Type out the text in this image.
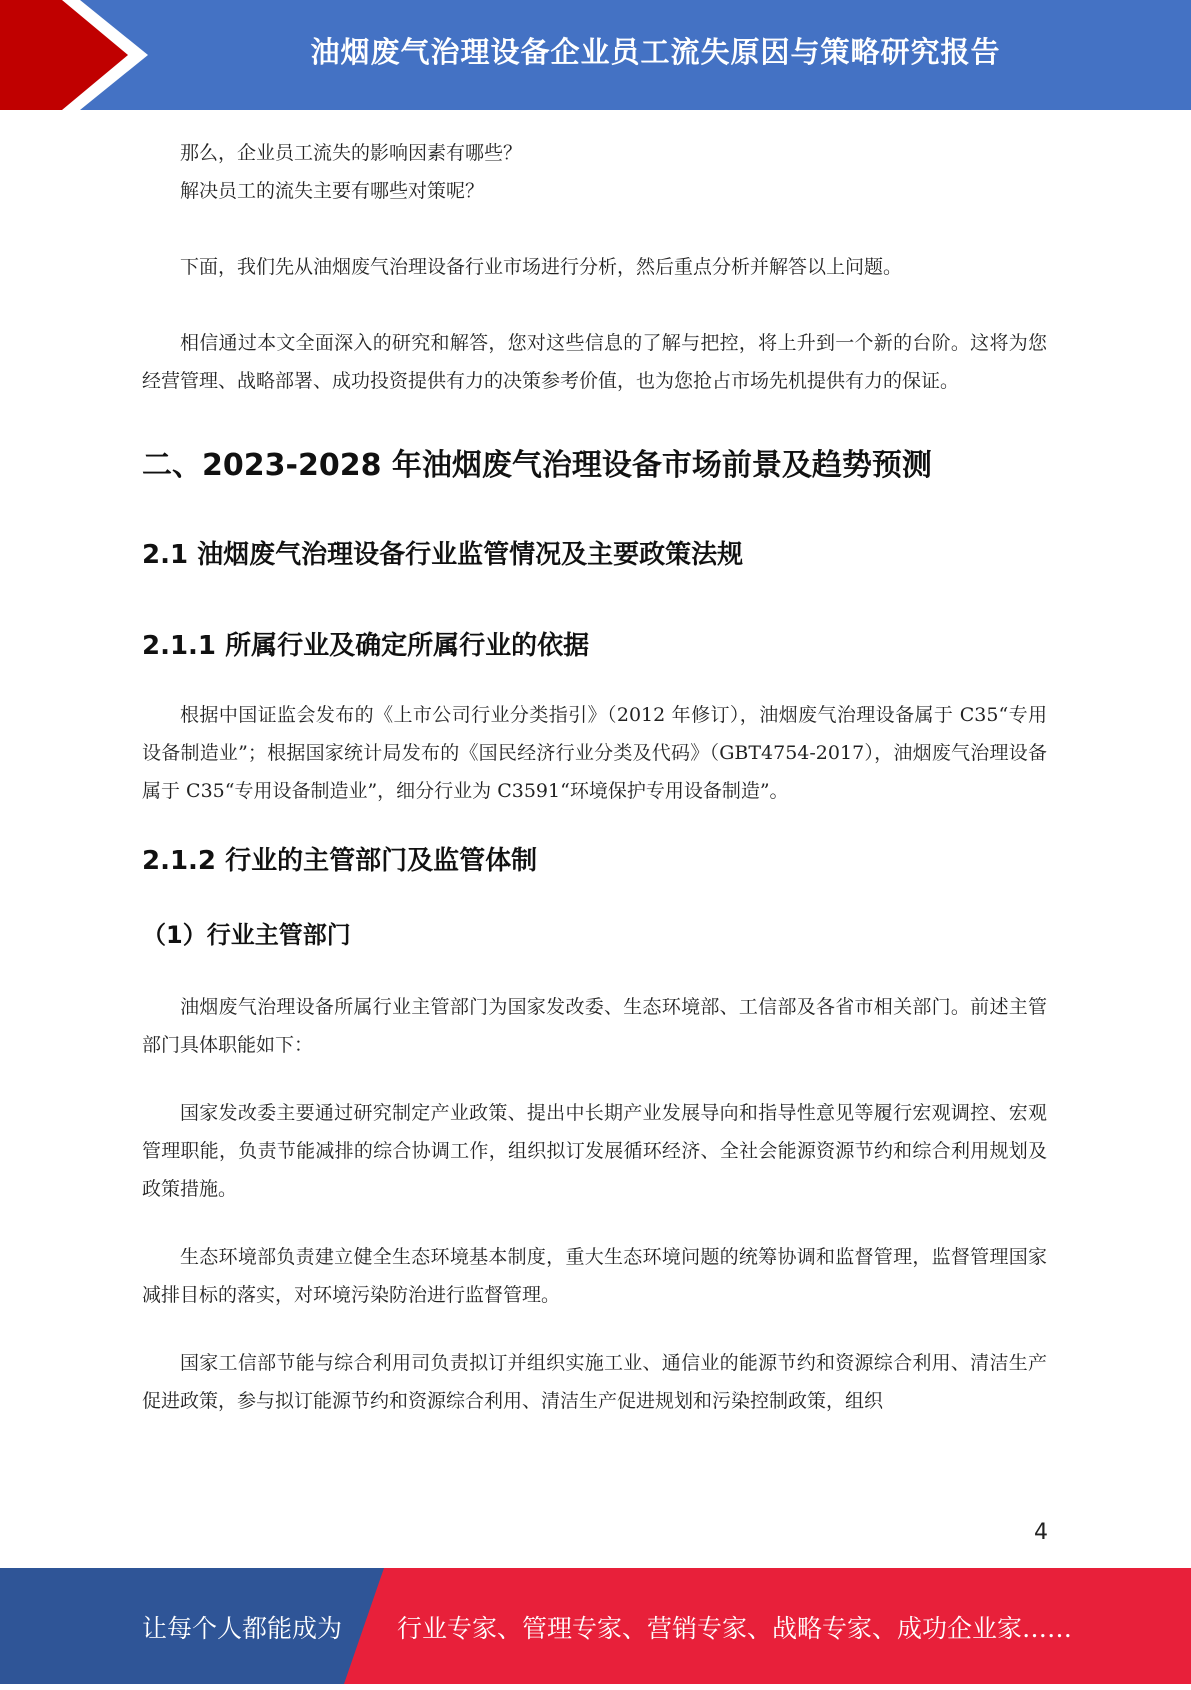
油烟废气治理设备企业员工流失原因与策略研究报告

那么，企业员工流失的影响因素有哪些？

解决员工的流失主要有哪些对策呢？

下面，我们先从油烟废气治理设备行业市场进行分析，然后重点分析并解答以上问题。

相信通过本文全面深入的研究和解答，您对这些信息的了解与把控，将上升到一个新的台阶。这将为您经营管理、战略部署、成功投资提供有力的决策参考价值，也为您抢占市场先机提供有力的保证。

二、2023-2028 年油烟废气治理设备市场前景及趋势预测
2.1 油烟废气治理设备行业监管情况及主要政策法规
2.1.1 所属行业及确定所属行业的依据

根据中国证监会发布的《上市公司行业分类指引》（2012 年修订），油烟废气治理设备属于 C35“专用设备制造业”；根据国家统计局发布的《国民经济行业分类及代码》（GBT4754-2017），油烟废气治理设备属于 C35“专用设备制造业”，细分行业为 C3591“环境保护专用设备制造”。

2.1.2 行业的主管部门及监管体制
（1）行业主管部门

油烟废气治理设备所属行业主管部门为国家发改委、生态环境部、工信部及各省市相关部门。前述主管部门具体职能如下：

国家发改委主要通过研究制定产业政策、提出中长期产业发展导向和指导性意见等履行宏观调控、宏观管理职能，负责节能减排的综合协调工作，组织拟订发展循环经济、全社会能源资源节约和综合利用规划及政策措施。

生态环境部负责建立健全生态环境基本制度，重大生态环境问题的统筹协调和监督管理，监督管理国家减排目标的落实，对环境污染防治进行监督管理。

国家工信部节能与综合利用司负责拟订并组织实施工业、通信业的能源节约和资源综合利用、清洁生产促进政策，参与拟订能源节约和资源综合利用、清洁生产促进规划和污染控制政策，组织

4
让每个人都能成为 行业专家、管理专家、营销专家、战略专家、成功企业家……
